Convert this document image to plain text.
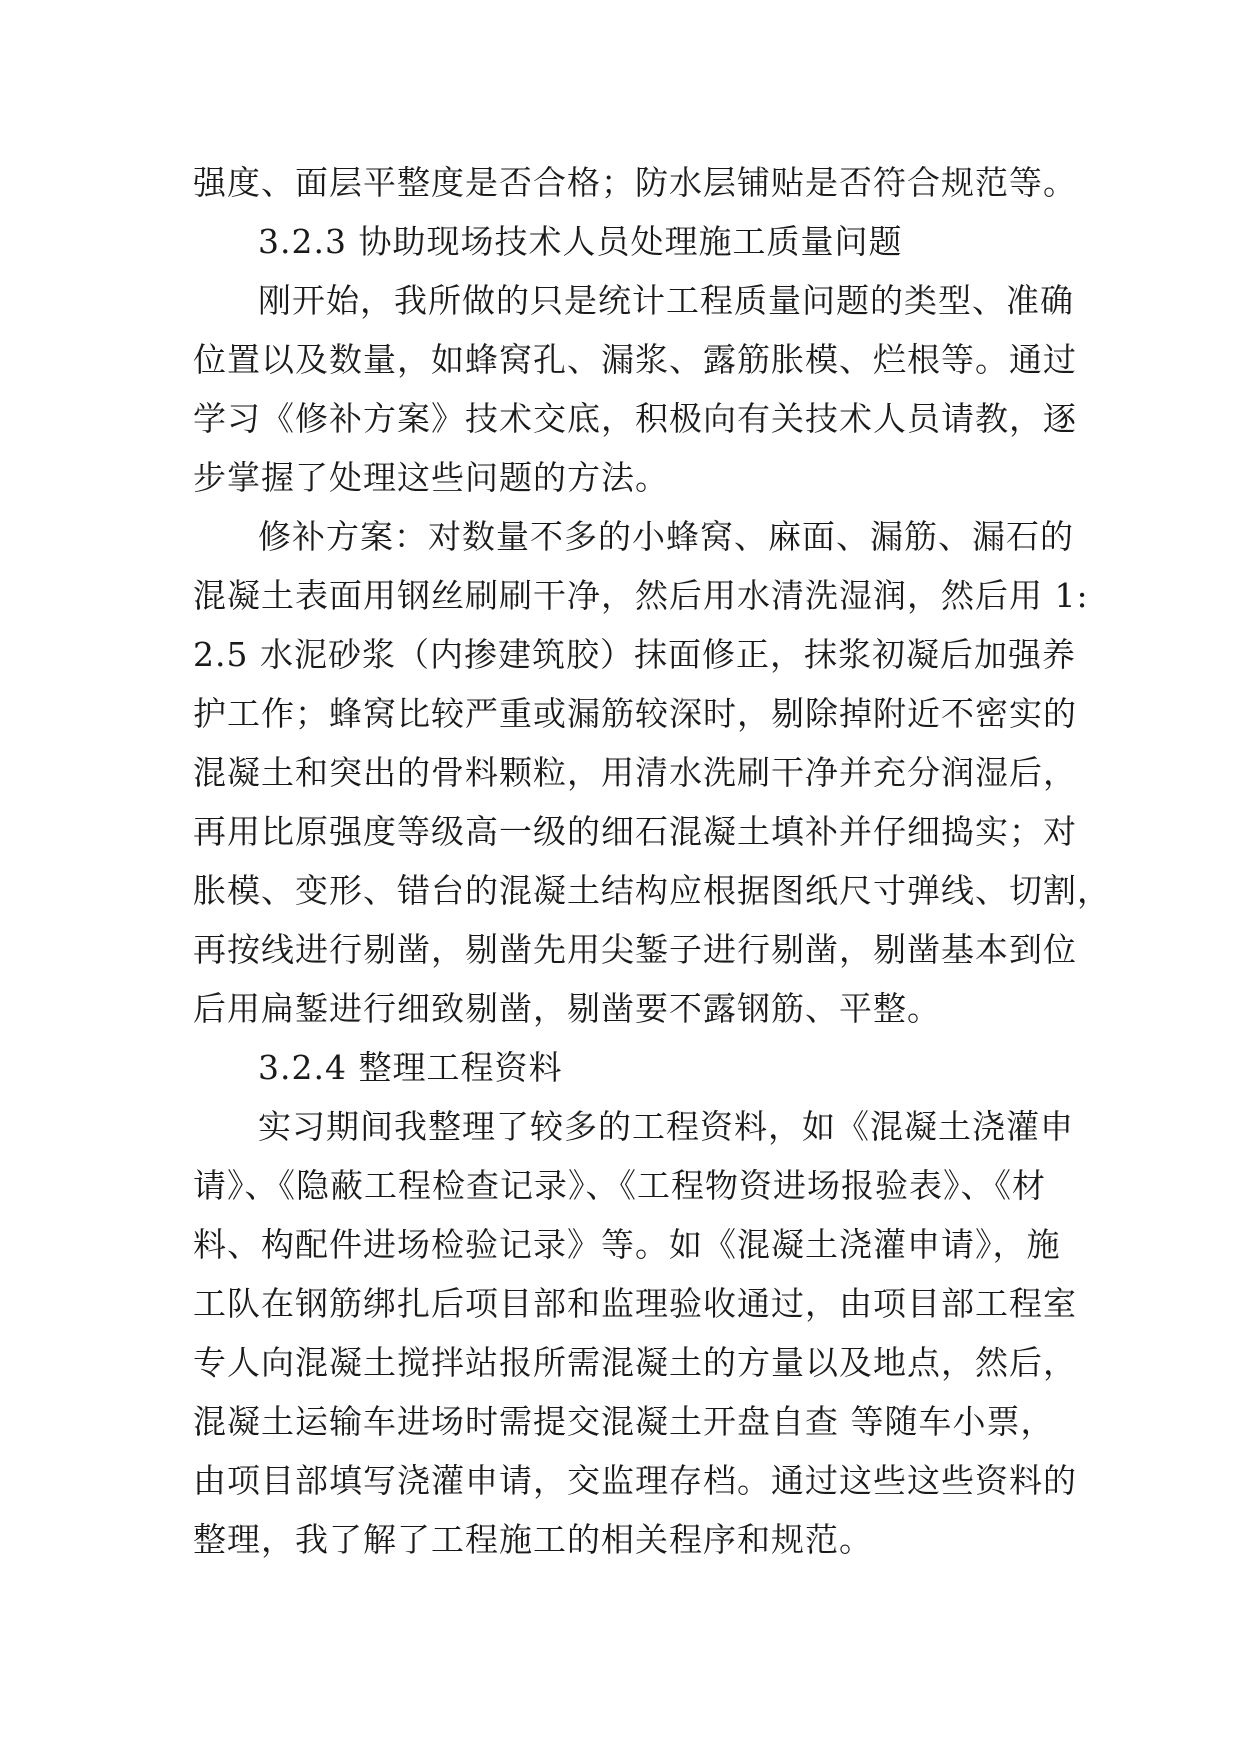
强度、面层平整度是否合格；防水层铺贴是否符合规范等。
3.2.3 协助现场技术人员处理施工质量问题
刚开始，我所做的只是统计工程质量问题的类型、准确
位置以及数量，如蜂窝孔、漏浆、露筋胀模、烂根等。通过
学习《修补方案》技术交底，积极向有关技术人员请教，逐
步掌握了处理这些问题的方法。
修补方案：对数量不多的小蜂窝、麻面、漏筋、漏石的
混凝土表面用钢丝刷刷干净，然后用水清洗湿润，然后用 1:
2.5 水泥砂浆（内掺建筑胶）抹面修正，抹浆初凝后加强养
护工作；蜂窝比较严重或漏筋较深时，剔除掉附近不密实的
混凝土和突出的骨料颗粒，用清水洗刷干净并充分润湿后，
再用比原强度等级高一级的细石混凝土填补并仔细捣实；对
胀模、变形、错台的混凝土结构应根据图纸尺寸弹线、切割，
再按线进行剔凿，剔凿先用尖錾子进行剔凿，剔凿基本到位
后用扁錾进行细致剔凿，剔凿要不露钢筋、平整。
3.2.4 整理工程资料
实习期间我整理了较多的工程资料，如《混凝土浇灌申
请》、《隐蔽工程检查记录》、《工程物资进场报验表》、《材
料、构配件进场检验记录》等。如《混凝土浇灌申请》，施
工队在钢筋绑扎后项目部和监理验收通过，由项目部工程室
专人向混凝土搅拌站报所需混凝土的方量以及地点，然后，
混凝土运输车进场时需提交混凝土开盘自查 等随车小票，
由项目部填写浇灌申请，交监理存档。通过这些这些资料的
整理，我了解了工程施工的相关程序和规范。
